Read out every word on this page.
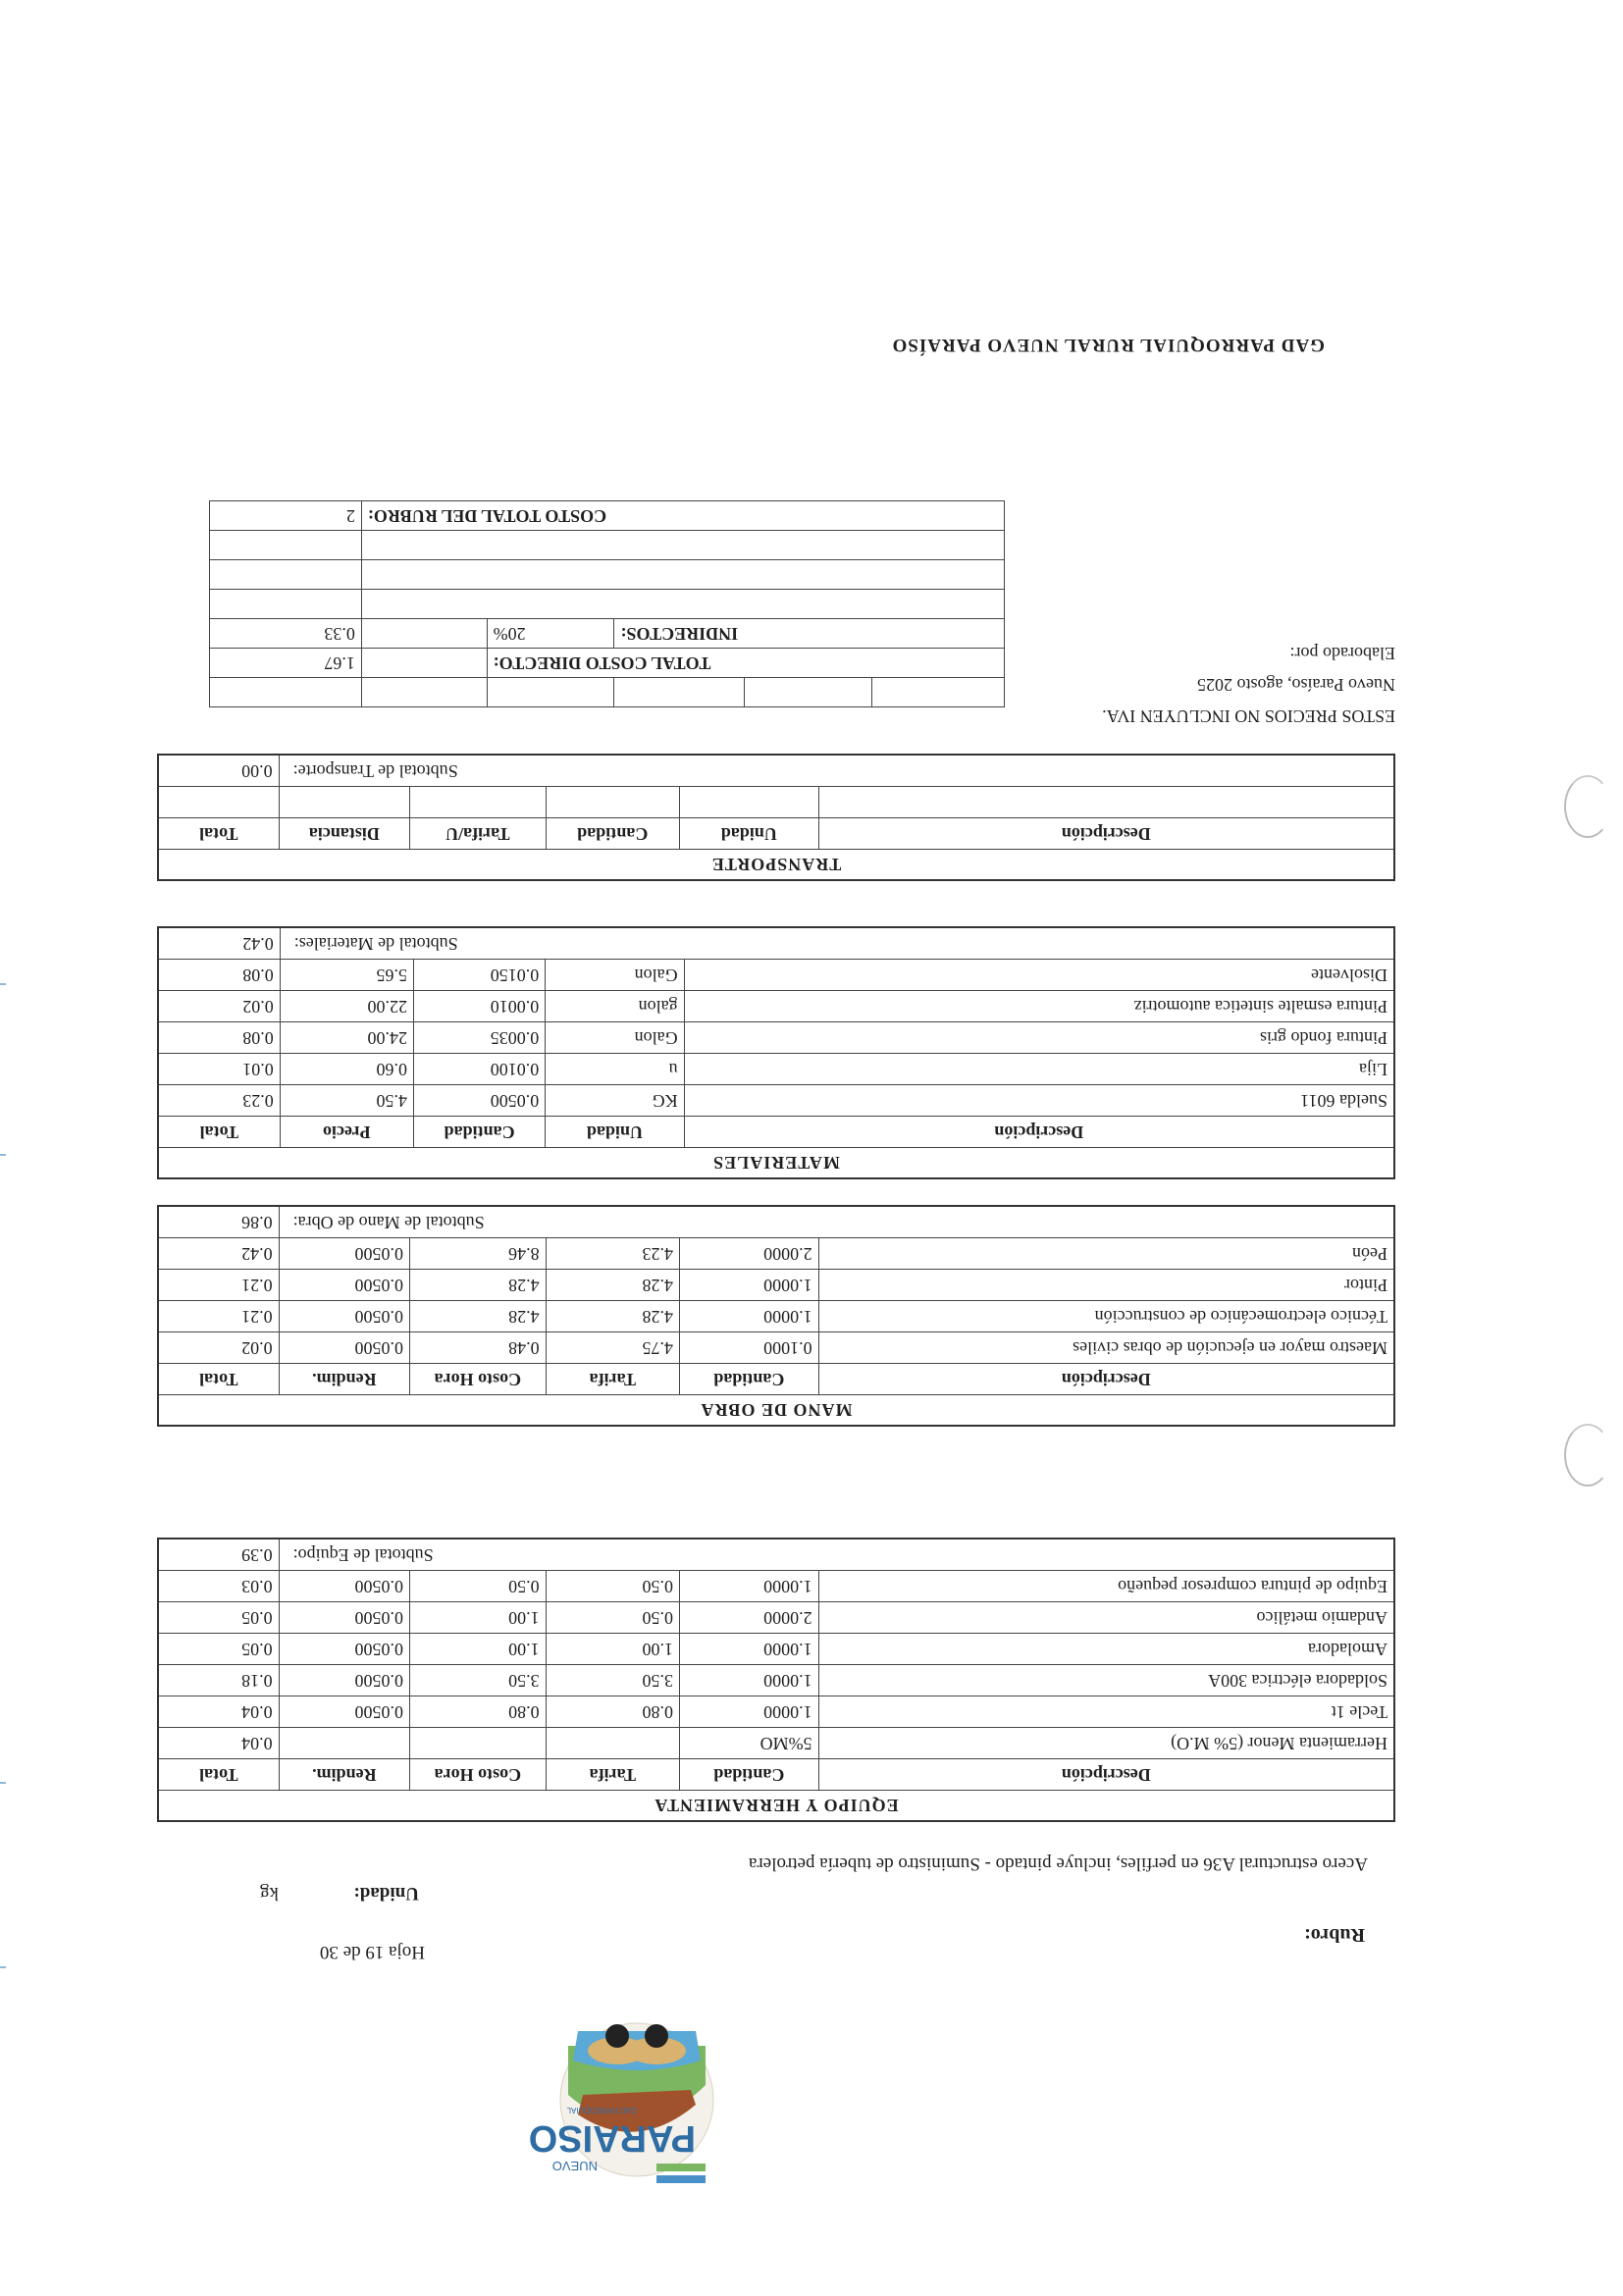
NUEVO
PARAISO
GAD PARROQUIAL
Hoja 19 de 30
Rubro:
Unidad:
kg
Acero estructural A36 en perfiles, incluye pintado - Suministro de tubería petrolera
EQUIPO Y HERRAMIENTA					
Descripción	Cantidad	Tarifa	Costo Hora	Rendim.	Total
Herramienta Menor (5% M.O)	5%MO				0.04
Tecle 1t	1.0000	0.80	0.80	0.0500	0.04
Soldadora eléctrica 300A	1.0000	3.50	3.50	0.0500	0.18
Amoladora	1.0000	1.00	1.00	0.0500	0.05
Andamio metálico	2.0000	0.50	1.00	0.0500	0.05
Equipo de pintura compresor pequeño	1.0000	0.50	0.50	0.0500	0.03
Subtotal de Equipo:					0.39
MANO DE OBRA					
Descripción	Cantidad	Tarifa	Costo Hora	Rendim.	Total
Maestro mayor en ejecución de obras civiles	0.1000	4.75	0.48	0.0500	0.02
Técnico electromecánico de construcción	1.0000	4.28	4.28	0.0500	0.21
Pintor	1.0000	4.28	4.28	0.0500	0.21
Peón	2.0000	4.23	8.46	0.0500	0.42
Subtotal de Mano de Obra:					0.86
MATERIALES				
Descripción	Unidad	Cantidad	Precio	Total
Suelda 6011	KG	0.0500	4.50	0.23
Lija	u	0.0100	0.60	0.01
Pintura fondo gris	Galon	0.0035	24.00	0.08
Pintura esmalte sintetica automotriz	galon	0.0010	22.00	0.02
Disolvente	Galon	0.0150	5.65	0.08
Subtotal de Materiales:				0.42
TRANSPORTE					
Descripción	Unidad	Cantidad	Tarifa/U	Distancia	Total

Subtotal de Transporte:					0.00

TOTAL COSTO DIRECTO:					1.67
INDIRECTOS:			20%		0.33

COSTO TOTAL DEL RUBRO:					2
ESTOS PRECIOS NO INCLUYEN IVA.
Nuevo Paraíso, agosto 2025
Elaborado por:
GAD PARROQUIAL RURAL NUEVO PARAÍSO
